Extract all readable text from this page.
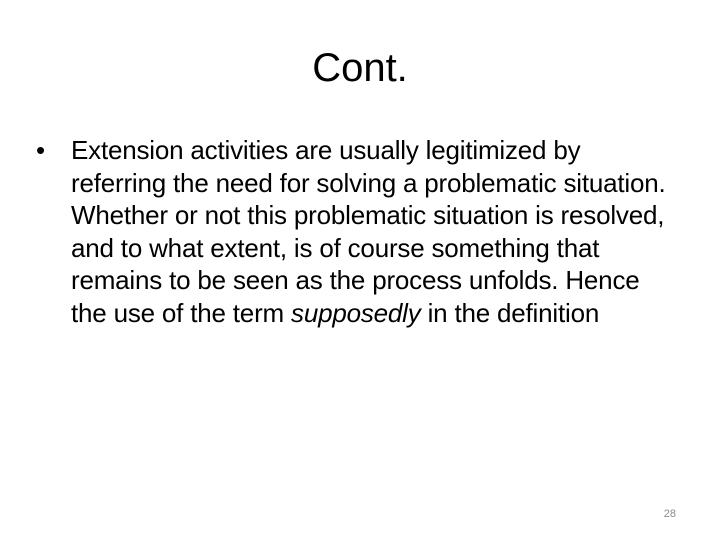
Cont.
•	Extension activities are usually legitimized by referring the need for solving a problematic situation. Whether or not this problematic situation is resolved, and to what extent, is of course something that remains to be seen as the process unfolds. Hence the use of the term supposedly in the definition
28
